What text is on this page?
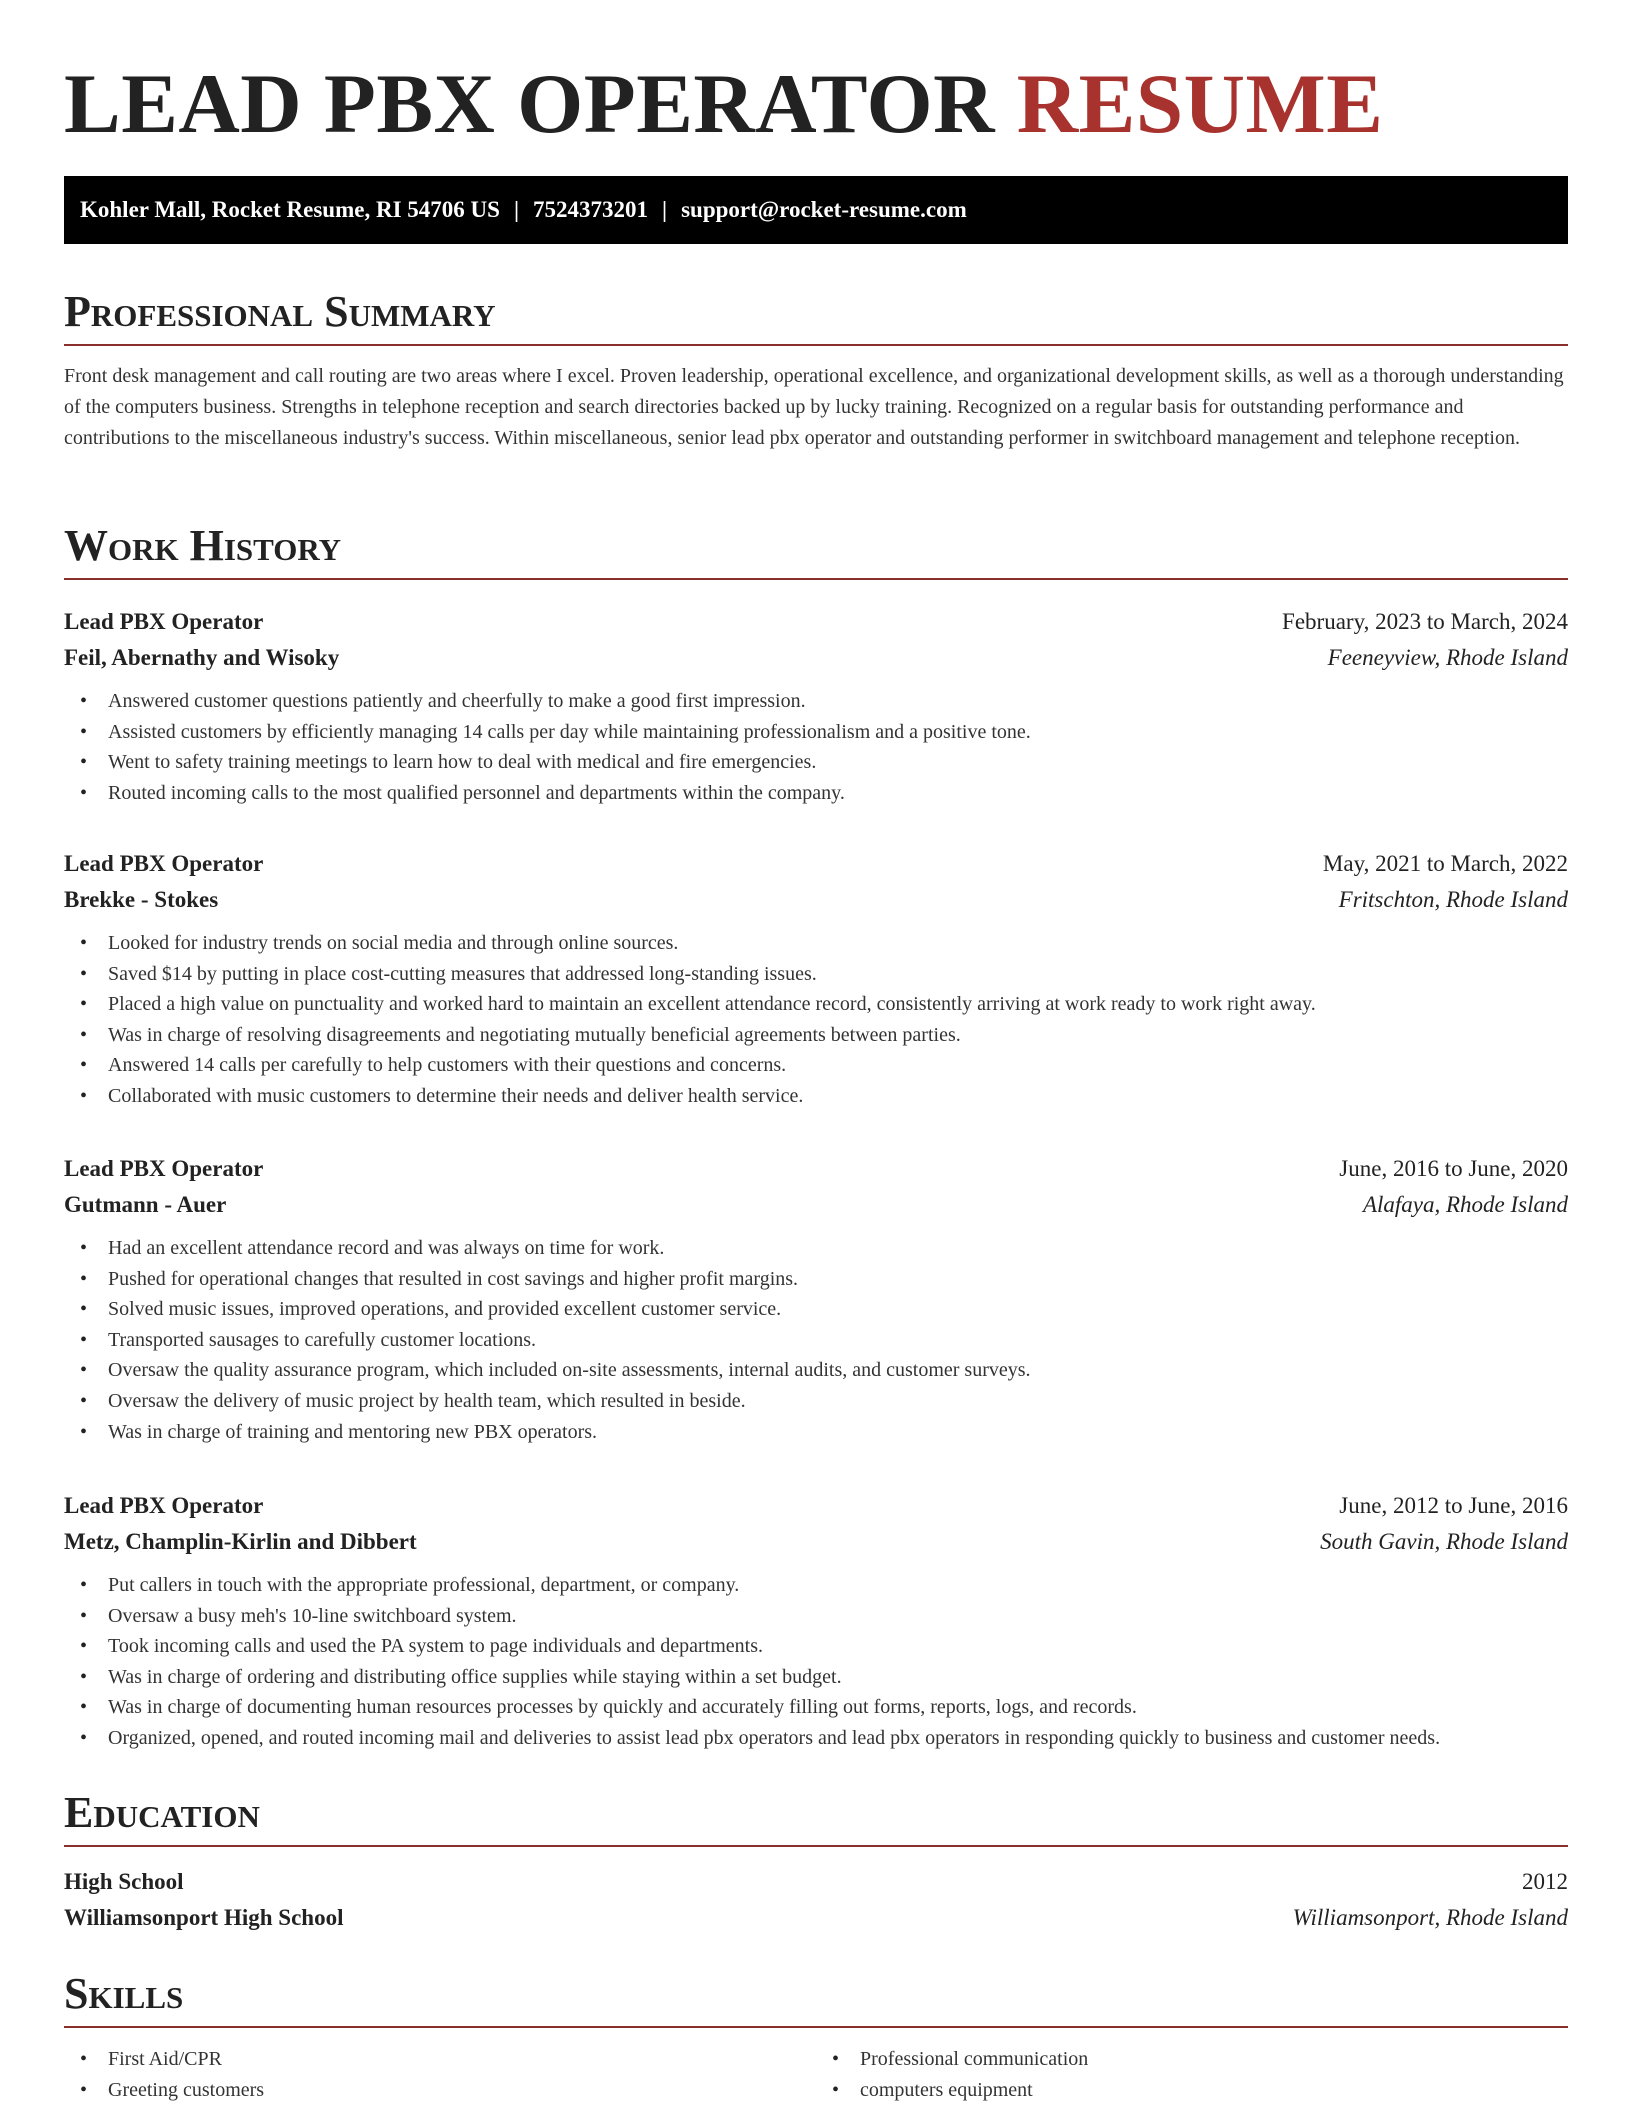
LEAD PBX OPERATOR RESUME
Kohler Mall, Rocket Resume, RI 54706 US | 7524373201 | support@rocket-resume.com
Professional Summary

Front desk management and call routing are two areas where I excel. Proven leadership, operational excellence, and organizational development skills, as well as a thorough understanding of the computers business. Strengths in telephone reception and search directories backed up by lucky training. Recognized on a regular basis for outstanding performance and contributions to the miscellaneous industry's success. Within miscellaneous, senior lead pbx operator and outstanding performer in switchboard management and telephone reception.

Work History
Lead PBX Operator	February, 2023 to March, 2024
Feil, Abernathy and Wisoky	Feeneyview, Rhode Island
• Answered customer questions patiently and cheerfully to make a good first impression.
• Assisted customers by efficiently managing 14 calls per day while maintaining professionalism and a positive tone.
• Went to safety training meetings to learn how to deal with medical and fire emergencies.
• Routed incoming calls to the most qualified personnel and departments within the company.
Lead PBX Operator	May, 2021 to March, 2022
Brekke - Stokes	Fritschton, Rhode Island
• Looked for industry trends on social media and through online sources.
• Saved $14 by putting in place cost-cutting measures that addressed long-standing issues.
• Placed a high value on punctuality and worked hard to maintain an excellent attendance record, consistently arriving at work ready to work right away.
• Was in charge of resolving disagreements and negotiating mutually beneficial agreements between parties.
• Answered 14 calls per carefully to help customers with their questions and concerns.
• Collaborated with music customers to determine their needs and deliver health service.
Lead PBX Operator	June, 2016 to June, 2020
Gutmann - Auer	Alafaya, Rhode Island
• Had an excellent attendance record and was always on time for work.
• Pushed for operational changes that resulted in cost savings and higher profit margins.
• Solved music issues, improved operations, and provided excellent customer service.
• Transported sausages to carefully customer locations.
• Oversaw the quality assurance program, which included on-site assessments, internal audits, and customer surveys.
• Oversaw the delivery of music project by health team, which resulted in beside.
• Was in charge of training and mentoring new PBX operators.
Lead PBX Operator	June, 2012 to June, 2016
Metz, Champlin-Kirlin and Dibbert	South Gavin, Rhode Island
• Put callers in touch with the appropriate professional, department, or company.
• Oversaw a busy meh's 10-line switchboard system.
• Took incoming calls and used the PA system to page individuals and departments.
• Was in charge of ordering and distributing office supplies while staying within a set budget.
• Was in charge of documenting human resources processes by quickly and accurately filling out forms, reports, logs, and records.
• Organized, opened, and routed incoming mail and deliveries to assist lead pbx operators and lead pbx operators in responding quickly to business and customer needs.
Education
High School	2012
Williamsonport High School	Williamsonport, Rhode Island
Skills
• First Aid/CPR
• Greeting customers
• Professional communication
• computers equipment
